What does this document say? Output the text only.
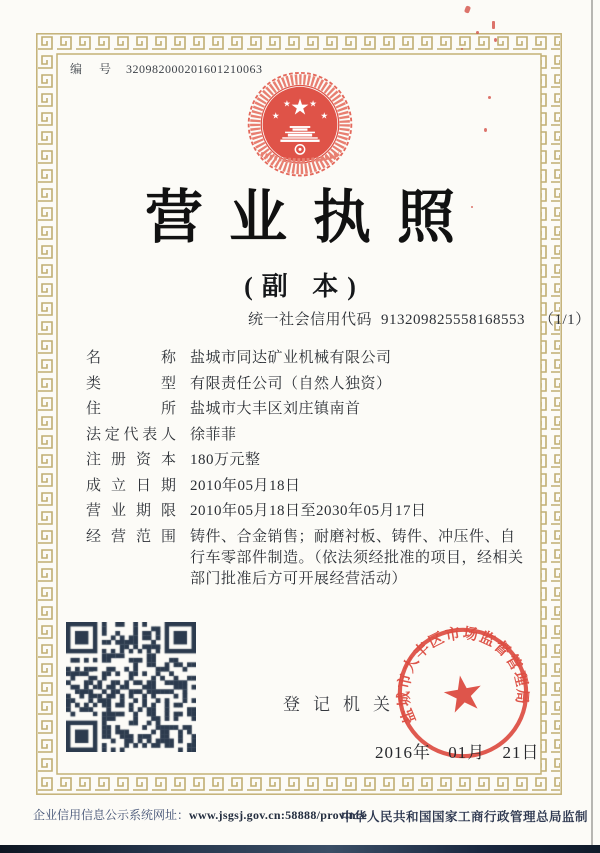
编 号 320982000201601210063
营业执照
(副 本)
统一社会信用代码 913209825558168553 （1/1）
名称 盐城市同达矿业机械有限公司
类型 有限责任公司（自然人独资）
住所 盐城市大丰区刘庄镇南首
法定代表人 徐菲菲
注册资本 180万元整
成立日期 2010年05月18日
营业期限 2010年05月18日至2030年05月17日
经营范围 铸件、合金销售；耐磨衬板、铸件、冲压件、自行车零部件制造。（依法须经批准的项目，经相关部门批准后方可开展经营活动）
登记机关
盐城市大丰区市场监督管理局
2016年 01月 21日
企业信用信息公示系统网址：www.jsgsj.gov.cn:58888/province
中华人民共和国国家工商行政管理总局监制
